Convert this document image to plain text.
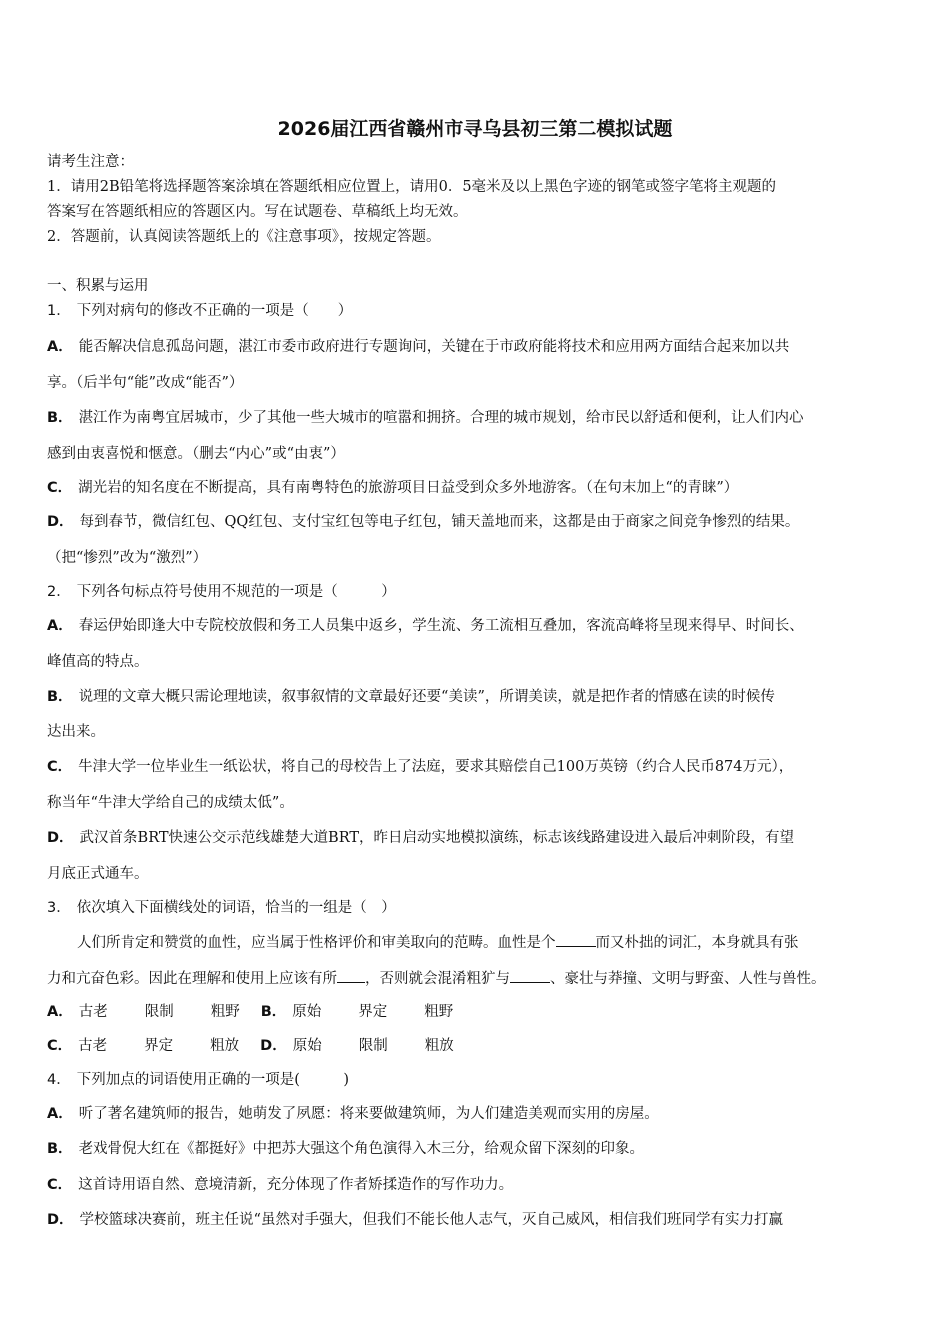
2026届江西省赣州市寻乌县初三第二模拟试题
请考生注意：
1．请用2B铅笔将选择题答案涂填在答题纸相应位置上，请用0．5毫米及以上黑色字迹的钢笔或签字笔将主观题的
答案写在答题纸相应的答题区内。写在试题卷、草稿纸上均无效。
2．答题前，认真阅读答题纸上的《注意事项》，按规定答题。
一、积累与运用
1． 下列对病句的修改不正确的一项是（　　）
A． 能否解决信息孤岛问题，湛江市委市政府进行专题询问，关键在于市政府能将技术和应用两方面结合起来加以共
享。（后半句“能”改成“能否”）
B． 湛江作为南粤宜居城市，少了其他一些大城市的喧嚣和拥挤。合理的城市规划，给市民以舒适和便利，让人们内心
感到由衷喜悦和惬意。（删去“内心”或“由衷”）
C． 湖光岩的知名度在不断提高，具有南粤特色的旅游项目日益受到众多外地游客。（在句末加上“的青睐”）
D． 每到春节，微信红包、QQ红包、支付宝红包等电子红包，铺天盖地而来，这都是由于商家之间竞争惨烈的结果。
（把“惨烈”改为“激烈”）
2． 下列各句标点符号使用不规范的一项是（　　　）
A． 春运伊始即逢大中专院校放假和务工人员集中返乡，学生流、务工流相互叠加，客流高峰将呈现来得早、时间长、
峰值高的特点。
B． 说理的文章大概只需论理地读，叙事叙情的文章最好还要“美读”，所谓美读，就是把作者的情感在读的时候传
达出来。
C． 牛津大学一位毕业生一纸讼状，将自己的母校告上了法庭，要求其赔偿自己100万英镑（约合人民币874万元），
称当年“牛津大学给自己的成绩太低”。
D． 武汉首条BRT快速公交示范线雄楚大道BRT，昨日启动实地模拟演练，标志该线路建设进入最后冲刺阶段，有望
月底正式通车。
3． 依次填入下面横线处的词语，恰当的一组是（　）
人们所肯定和赞赏的血性，应当属于性格评价和审美取向的范畴。血性是个	而又朴拙的词汇，本身就具有张
力和亢奋色彩。因此在理解和使用上应该有所 ，否则就会混淆粗犷与	、豪壮与莽撞、文明与野蛮、人性与兽性。
A． 古老	限制	粗野 B． 原始	界定	粗野
C． 古老	界定	粗放 D． 原始	限制	粗放
4． 下列加点的词语使用正确的一项是(　　　)
A． 听了著名建筑师的报告，她萌发了夙愿：将来要做建筑师，为人们建造美观而实用的房屋。
B． 老戏骨倪大红在《都挺好》中把苏大强这个角色演得入木三分，给观众留下深刻的印象。
C． 这首诗用语自然、意境清新，充分体现了作者矫揉造作的写作功力。
D． 学校篮球决赛前，班主任说“虽然对手强大，但我们不能长他人志气，灭自己威风，相信我们班同学有实力打赢
